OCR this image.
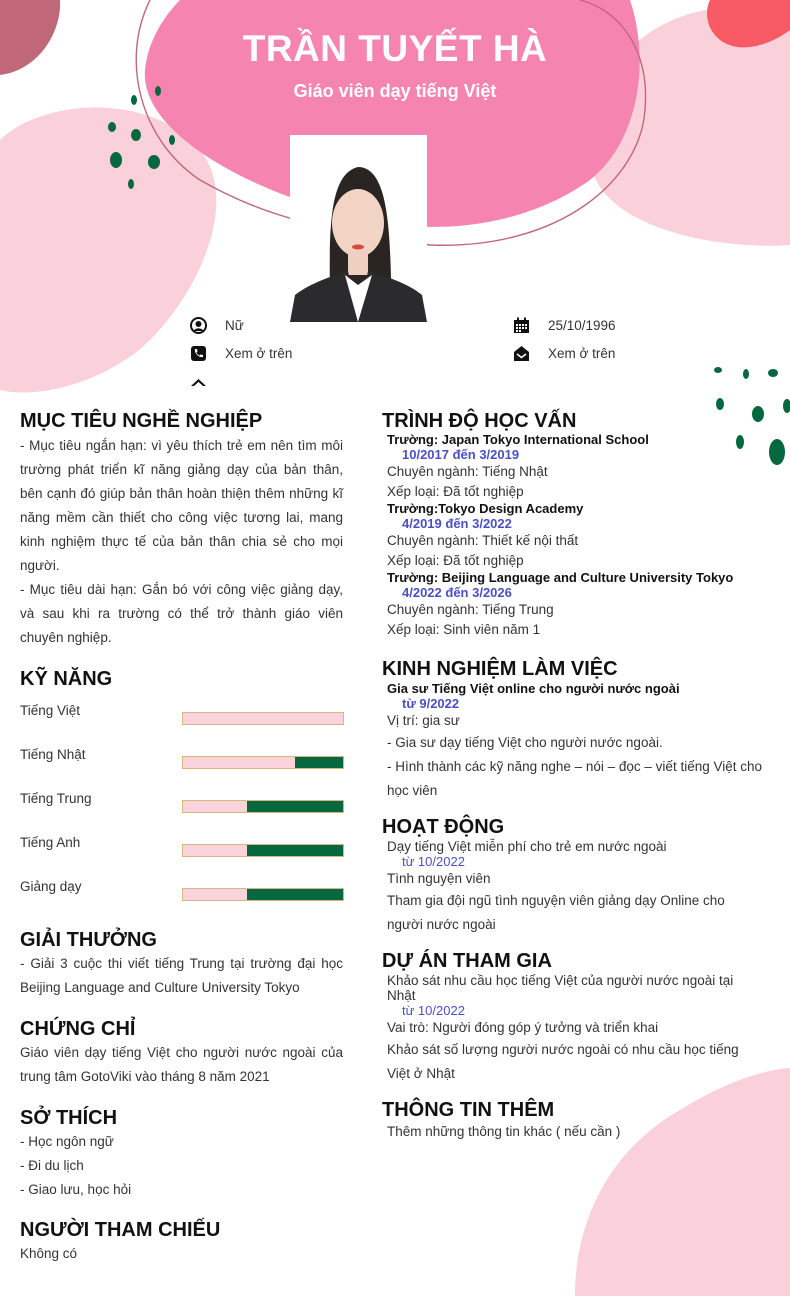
TRẦN TUYẾT HÀ
Giáo viên dạy tiếng Việt
Nữ
Xem ở trên
25/10/1996
Xem ở trên
MỤC TIÊU NGHỀ NGHIỆP
- Mục tiêu ngắn hạn: vì yêu thích trẻ em nên tìm môi trường phát triển kĩ năng giảng dạy của bản thân, bên cạnh đó giúp bản thân hoàn thiện thêm những kĩ năng mềm cần thiết cho công việc tương lai, mang kinh nghiệm thực tế của bản thân chia sẻ cho mọi người.
- Mục tiêu dài hạn: Gắn bó với công việc giảng dạy, và sau khi ra trường có thể trở thành giáo viên chuyên nghiệp.
KỸ NĂNG
Tiếng Việt
Tiếng Nhật
Tiếng Trung
Tiếng Anh
Giảng dạy
GIẢI THƯỞNG
- Giải 3 cuộc thi viết tiếng Trung tại trường đại học Beijing Language and Culture University Tokyo
CHỨNG CHỈ
Giáo viên dạy tiếng Việt cho người nước ngoài của trung tâm GotoViki vào tháng 8 năm 2021
SỞ THÍCH
- Học ngôn ngữ
- Đi du lịch
- Giao lưu, học hỏi
NGƯỜI THAM CHIẾU
Không có
TRÌNH ĐỘ HỌC VẤN
Trường: Japan Tokyo International School
10/2017 đến 3/2019
Chuyên ngành: Tiếng Nhật
Xếp loại: Đã tốt nghiệp
Trường:Tokyo Design Academy
4/2019 đến 3/2022
Chuyên ngành: Thiết kế nội thất
Xếp loại: Đã tốt nghiệp
Trường: Beijing Language and Culture University Tokyo
4/2022 đến 3/2026
Chuyên ngành: Tiếng Trung
Xếp loại: Sinh viên năm 1
KINH NGHIỆM LÀM VIỆC
Gia sư Tiếng Việt online cho người nước ngoài
từ 9/2022
Vị trí: gia sư
- Gia sư dạy tiếng Việt cho người nước ngoài.
- Hình thành các kỹ năng nghe – nói – đọc – viết tiếng Việt cho học viên
HOẠT ĐỘNG
Dạy tiếng Việt miễn phí cho trẻ em nước ngoài
từ 10/2022
Tình nguyện viên
Tham gia đội ngũ tình nguyện viên giảng dạy Online cho người nước ngoài
DỰ ÁN THAM GIA
Khảo sát nhu cầu học tiếng Việt của người nước ngoài tại Nhật
từ 10/2022
Vai trò: Người đóng góp ý tưởng và triển khai
Khảo sát số lượng người nước ngoài có nhu cầu học tiếng Việt ở Nhật
THÔNG TIN THÊM
Thêm những thông tin khác ( nếu cần )
